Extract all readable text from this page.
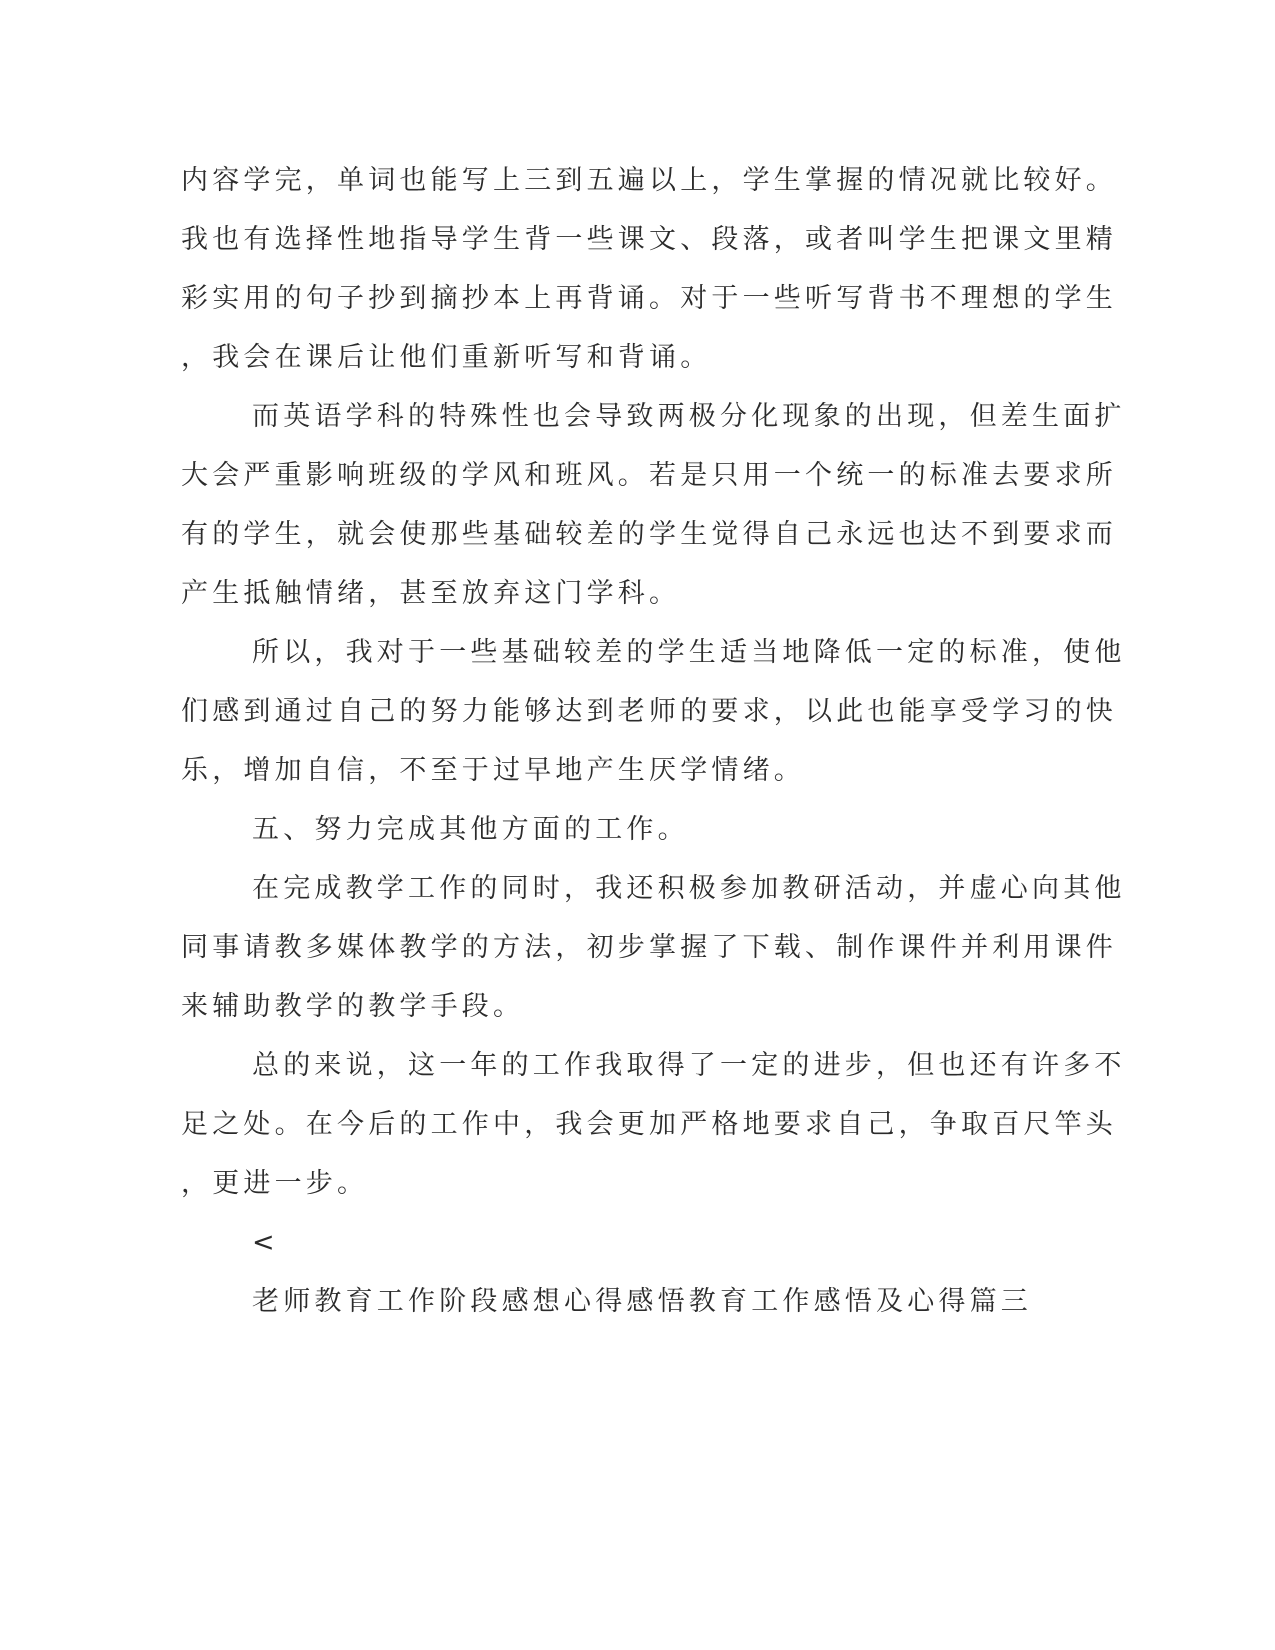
内容学完，单词也能写上三到五遍以上，学生掌握的情况就比较好。
我也有选择性地指导学生背一些课文、段落，或者叫学生把课文里精
彩实用的句子抄到摘抄本上再背诵。对于一些听写背书不理想的学生
，我会在课后让他们重新听写和背诵。
而英语学科的特殊性也会导致两极分化现象的出现，但差生面扩
大会严重影响班级的学风和班风。若是只用一个统一的标准去要求所
有的学生，就会使那些基础较差的学生觉得自己永远也达不到要求而
产生抵触情绪，甚至放弃这门学科。
所以，我对于一些基础较差的学生适当地降低一定的标准，使他
们感到通过自己的努力能够达到老师的要求，以此也能享受学习的快
乐，增加自信，不至于过早地产生厌学情绪。
五、努力完成其他方面的工作。
在完成教学工作的同时，我还积极参加教研活动，并虚心向其他
同事请教多媒体教学的方法，初步掌握了下载、制作课件并利用课件
来辅助教学的教学手段。
总的来说，这一年的工作我取得了一定的进步，但也还有许多不
足之处。在今后的工作中，我会更加严格地要求自己，争取百尺竿头
，更进一步。
<
老师教育工作阶段感想心得感悟教育工作感悟及心得篇三
